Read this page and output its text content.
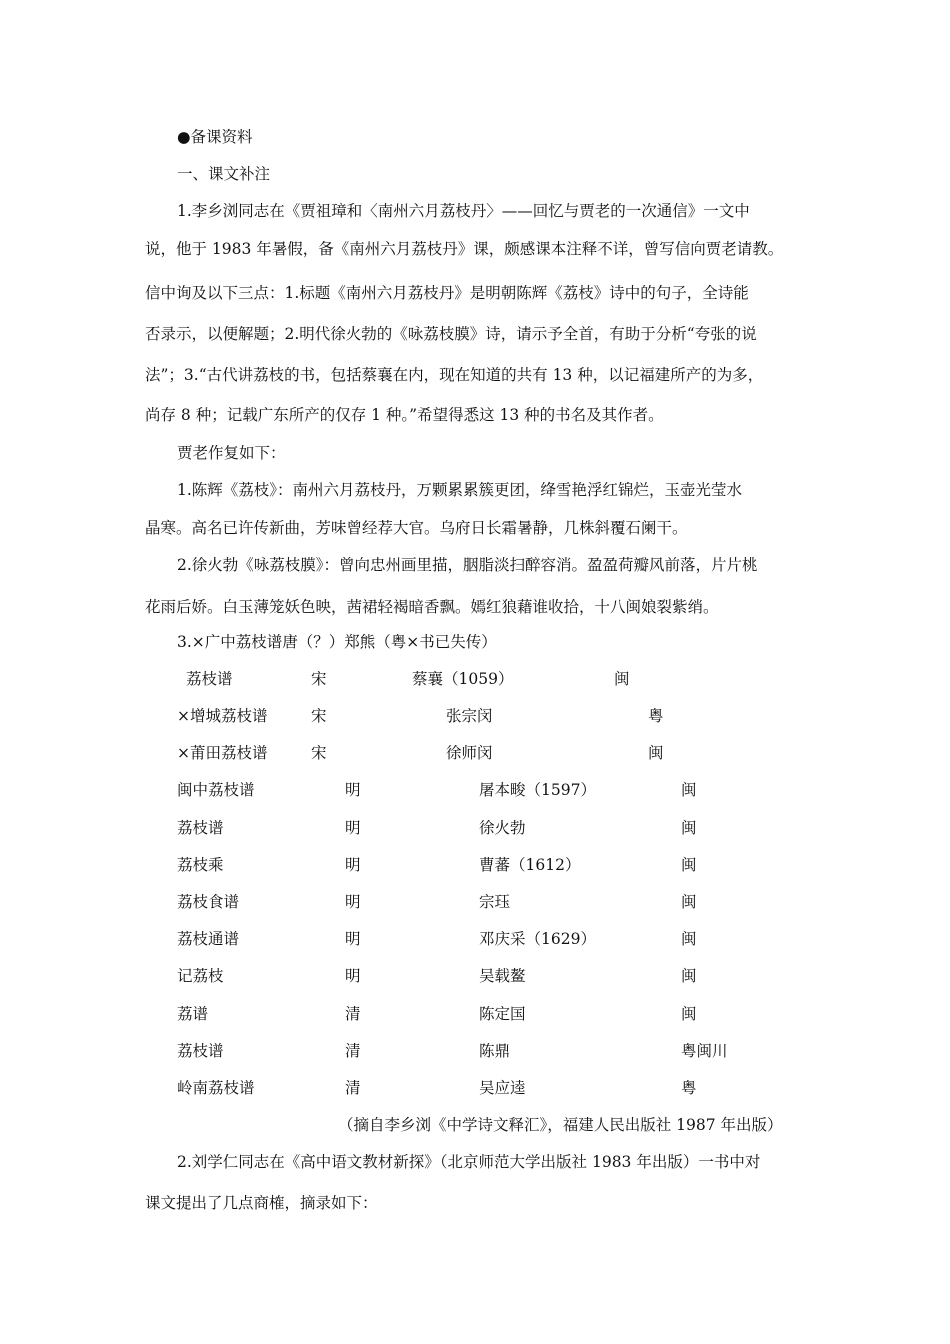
●备课资料
一、课文补注
1.李乡浏同志在《贾祖璋和〈南州六月荔枝丹〉——回忆与贾老的一次通信》一文中
说，他于 1983 年暑假，备《南州六月荔枝丹》课，颇感课本注释不详，曾写信向贾老请教。
信中询及以下三点：1.标题《南州六月荔枝丹》是明朝陈辉《荔枝》诗中的句子，全诗能
否录示，以便解题；2.明代徐火勃的《咏荔枝膜》诗，请示予全首，有助于分析“夸张的说
法”；3.“古代讲荔枝的书，包括蔡襄在内，现在知道的共有 13 种，以记福建所产的为多，
尚存 8 种；记载广东所产的仅存 1 种。”希望得悉这 13 种的书名及其作者。
贾老作复如下：
1.陈辉《荔枝》：南州六月荔枝丹，万颗累累簇更团，绛雪艳浮红锦烂，玉壶光莹水
晶寒。高名已许传新曲，芳味曾经荐大官。乌府日长霜暑静，几株斜覆石阑干。
2.徐火勃《咏荔枝膜》：曾向忠州画里描，胭脂淡扫醉容消。盈盈荷瓣风前落，片片桃
花雨后娇。白玉薄笼妖色映，茜裙轻褐暗香飘。嫣红狼藉谁收拾，十八闽娘裂紫绡。
3.×广中荔枝谱唐（？）郑熊（粤×书已失传）
荔枝谱	宋	蔡襄（1059）	闽
×增城荔枝谱	宋	张宗闵	粤
×莆田荔枝谱	宋	徐师闵	闽
闽中荔枝谱	明	屠本畯（1597）	闽
荔枝谱	明	徐火勃	闽
荔枝乘	明	曹蕃（1612）	闽
荔枝食谱	明	宗珏	闽
荔枝通谱	明	邓庆采（1629）	闽
记荔枝	明	吴载鳌	闽
荔谱	清	陈定国	闽
荔枝谱	清	陈鼎	粤闽川
岭南荔枝谱	清	吴应逵	粤
（摘自李乡浏《中学诗文释汇》，福建人民出版社 1987 年出版）
2.刘学仁同志在《高中语文教材新探》（北京师范大学出版社 1983 年出版）一书中对
课文提出了几点商榷，摘录如下：
